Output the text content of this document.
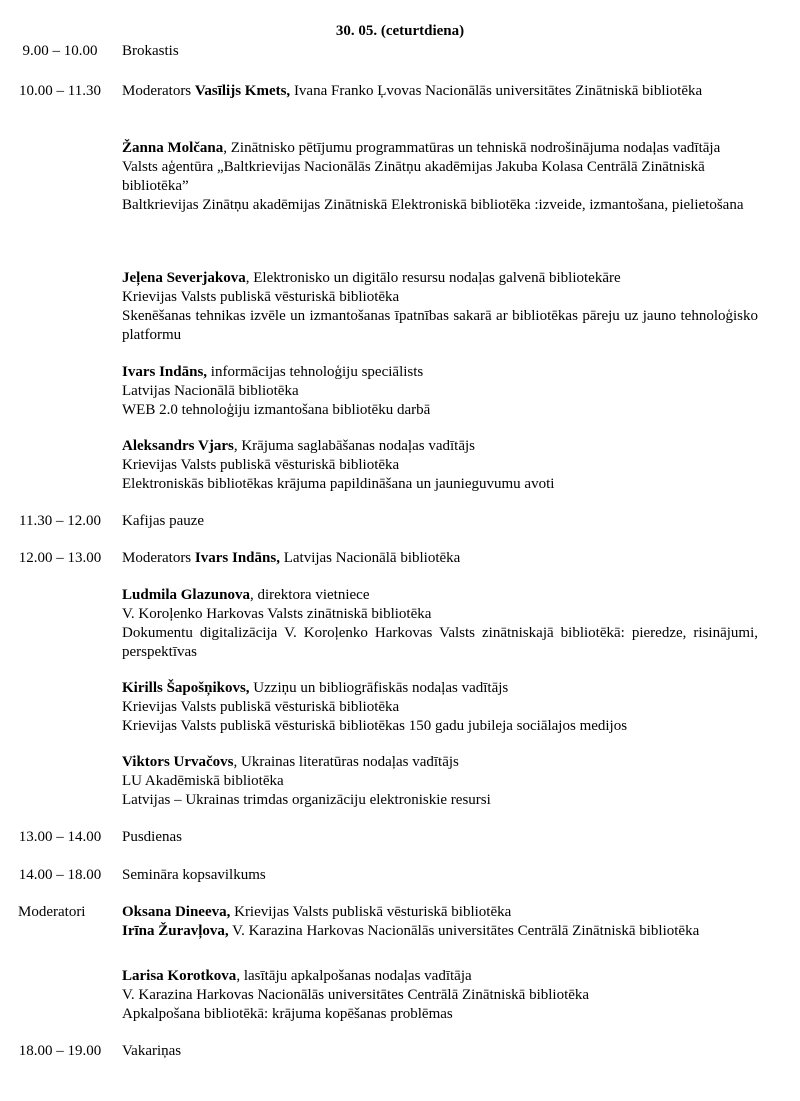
30. 05. (ceturtdiena)
9.00 – 10.00	Brokastis
10.00 – 11.30	Moderators Vasīlijs Kmets, Ivana Franko Ļvovas Nacionālās universitātes Zinātniskā bibliotēka

Žanna Molčana, Zinātnisko pētījumu programmatūras un tehniskā nodrošinājuma nodaļas vadītāja

Valsts aģentūra „Baltkrievijas Nacionālās Zinātņu akadēmijas Jakuba Kolasa Centrālā Zinātniskā bibliotēka”

Baltkrievijas Zinātņu akadēmijas Zinātniskā Elektroniskā bibliotēka :izveide, izmantošana, pielietošana

Jeļena Severjakova, Elektronisko un digitālo resursu nodaļas galvenā bibliotekāre

Krievijas Valsts publiskā vēsturiskā bibliotēka

Skenēšanas tehnikas izvēle un izmantošanas īpatnības sakarā ar bibliotēkas pāreju uz jauno tehnoloģisko platformu

Ivars Indāns, informācijas tehnoloģiju speciālists

Latvijas Nacionālā bibliotēka

WEB 2.0 tehnoloģiju izmantošana bibliotēku darbā

Aleksandrs Vjars, Krājuma saglabāšanas nodaļas vadītājs

Krievijas Valsts publiskā vēsturiskā bibliotēka

Elektroniskās bibliotēkas krājuma papildināšana un jaunieguvumu avoti

11.30 – 12.00	Kafijas pauze
12.00 – 13.00	Moderators Ivars Indāns, Latvijas Nacionālā bibliotēka

Ludmila Glazunova, direktora vietniece

V. Koroļenko Harkovas Valsts zinātniskā bibliotēka

Dokumentu digitalizācija V. Koroļenko Harkovas Valsts zinātniskajā bibliotēkā: pieredze, risinājumi, perspektīvas

Kirills Šapošņikovs, Uzziņu un bibliogrāfiskās nodaļas vadītājs

Krievijas Valsts publiskā vēsturiskā bibliotēka

Krievijas Valsts publiskā vēsturiskā bibliotēkas 150 gadu jubileja sociālajos medijos

Viktors Urvačovs, Ukrainas literatūras nodaļas vadītājs

LU Akadēmiskā bibliotēka

Latvijas – Ukrainas trimdas organizāciju elektroniskie resursi

13.00 – 14.00	Pusdienas
14.00 – 18.00	Semināra kopsavilkums
Moderatori	Oksana Dineeva, Krievijas Valsts publiskā vēsturiskā bibliotēka

Irīna Žuravļova, V. Karazina Harkovas Nacionālās universitātes Centrālā Zinātniskā bibliotēka

Larisa Korotkova, lasītāju apkalpošanas nodaļas vadītāja

V. Karazina Harkovas Nacionālās universitātes Centrālā Zinātniskā bibliotēka

Apkalpošana bibliotēkā: krājuma kopēšanas problēmas

18.00 – 19.00	Vakariņas
